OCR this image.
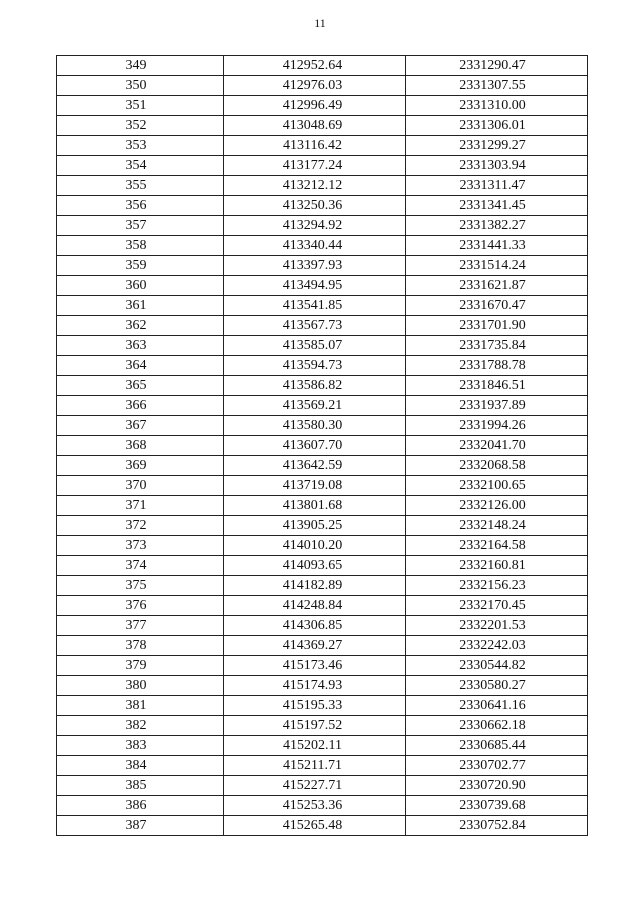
11
349	412952.64	2331290.47
350	412976.03	2331307.55
351	412996.49	2331310.00
352	413048.69	2331306.01
353	413116.42	2331299.27
354	413177.24	2331303.94
355	413212.12	2331311.47
356	413250.36	2331341.45
357	413294.92	2331382.27
358	413340.44	2331441.33
359	413397.93	2331514.24
360	413494.95	2331621.87
361	413541.85	2331670.47
362	413567.73	2331701.90
363	413585.07	2331735.84
364	413594.73	2331788.78
365	413586.82	2331846.51
366	413569.21	2331937.89
367	413580.30	2331994.26
368	413607.70	2332041.70
369	413642.59	2332068.58
370	413719.08	2332100.65
371	413801.68	2332126.00
372	413905.25	2332148.24
373	414010.20	2332164.58
374	414093.65	2332160.81
375	414182.89	2332156.23
376	414248.84	2332170.45
377	414306.85	2332201.53
378	414369.27	2332242.03
379	415173.46	2330544.82
380	415174.93	2330580.27
381	415195.33	2330641.16
382	415197.52	2330662.18
383	415202.11	2330685.44
384	415211.71	2330702.77
385	415227.71	2330720.90
386	415253.36	2330739.68
387	415265.48	2330752.84
